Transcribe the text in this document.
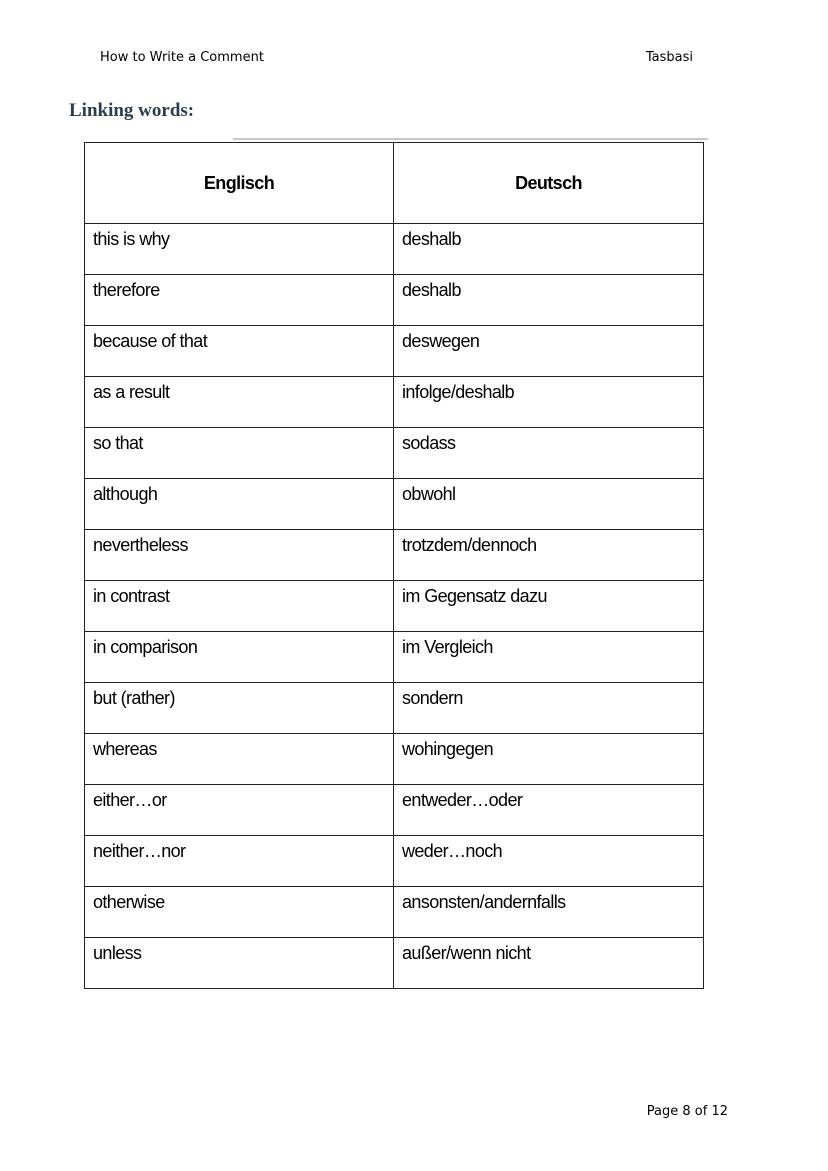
How to Write a Comment	Tasbasi
Linking words:
Englisch	Deutsch
this is why	deshalb
therefore	deshalb
because of that	deswegen
as a result	infolge/deshalb
so that	sodass
although	obwohl
nevertheless	trotzdem/dennoch
in contrast	im Gegensatz dazu
in comparison	im Vergleich
but (rather)	sondern
whereas	wohingegen
either…or	entweder…oder
neither…nor	weder…noch
otherwise	ansonsten/andernfalls
unless	außer/wenn nicht
Page 8 of 12
